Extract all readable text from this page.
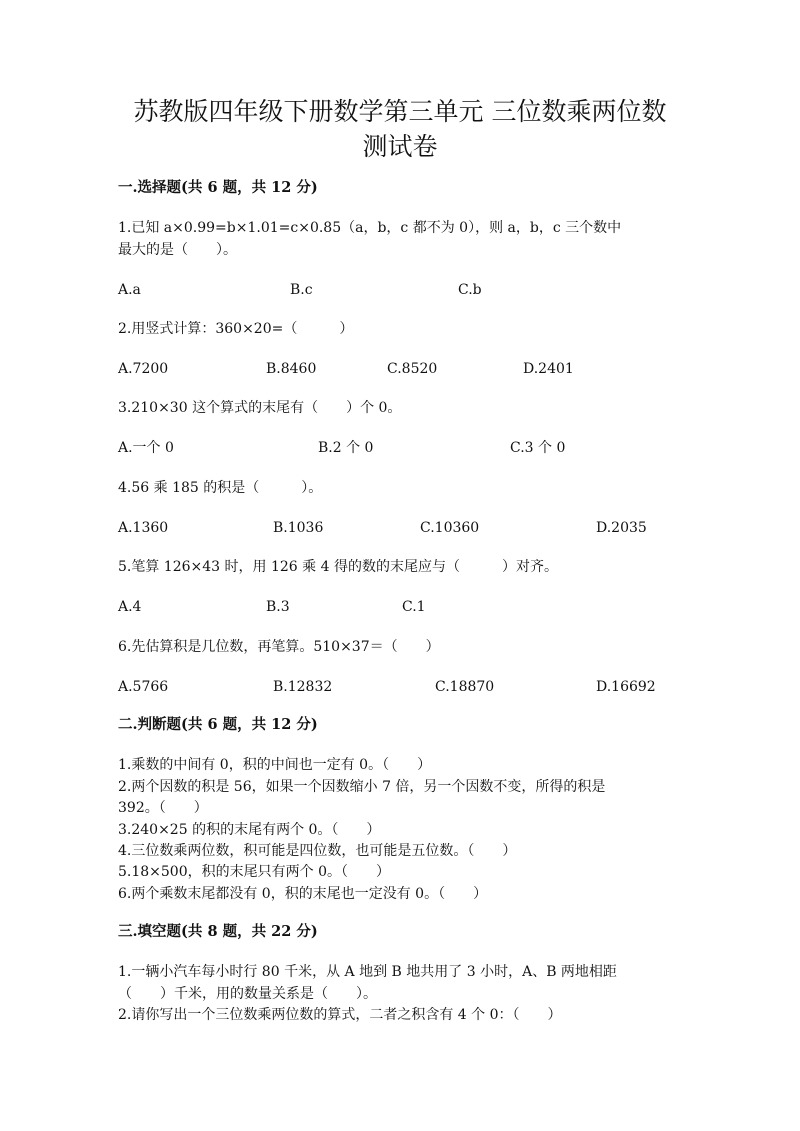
苏教版四年级下册数学第三单元 三位数乘两位数
测试卷

一.选择题(共 6 题，共 12 分)

1.已知 a×0.99=b×1.01=c×0.85（a，b，c 都不为 0），则 a，b，c 三个数中

最大的是（　　）。

A.a	B.c	C.b

2.用竖式计算：360×20=（　　　）

A.7200	B.8460	C.8520	D.2401

3.210×30 这个算式的末尾有（　　）个 0。

A.一个 0	B.2 个 0	C.3 个 0

4.56 乘 185 的积是（　　　）。

A.1360	B.1036	C.10360	D.2035

5.笔算 126×43 时，用 126 乘 4 得的数的末尾应与（　　　）对齐。

A.4	B.3	C.1

6.先估算积是几位数，再笔算。510×37＝（　　）

A.5766	B.12832	C.18870	D.16692

二.判断题(共 6 题，共 12 分)

1.乘数的中间有 0，积的中间也一定有 0。（　　）

2.两个因数的积是 56，如果一个因数缩小 7 倍，另一个因数不变，所得的积是

392。（　　）

3.240×25 的积的末尾有两个 0。（　　）

4.三位数乘两位数，积可能是四位数，也可能是五位数。（　　）

5.18×500，积的末尾只有两个 0。（　　）

6.两个乘数末尾都没有 0，积的末尾也一定没有 0。（　　）

三.填空题(共 8 题，共 22 分)

1.一辆小汽车每小时行 80 千米，从 A 地到 B 地共用了 3 小时，A、B 两地相距

（　　）千米，用的数量关系是（　　）。

2.请你写出一个三位数乘两位数的算式，二者之积含有 4 个 0：（　　）
